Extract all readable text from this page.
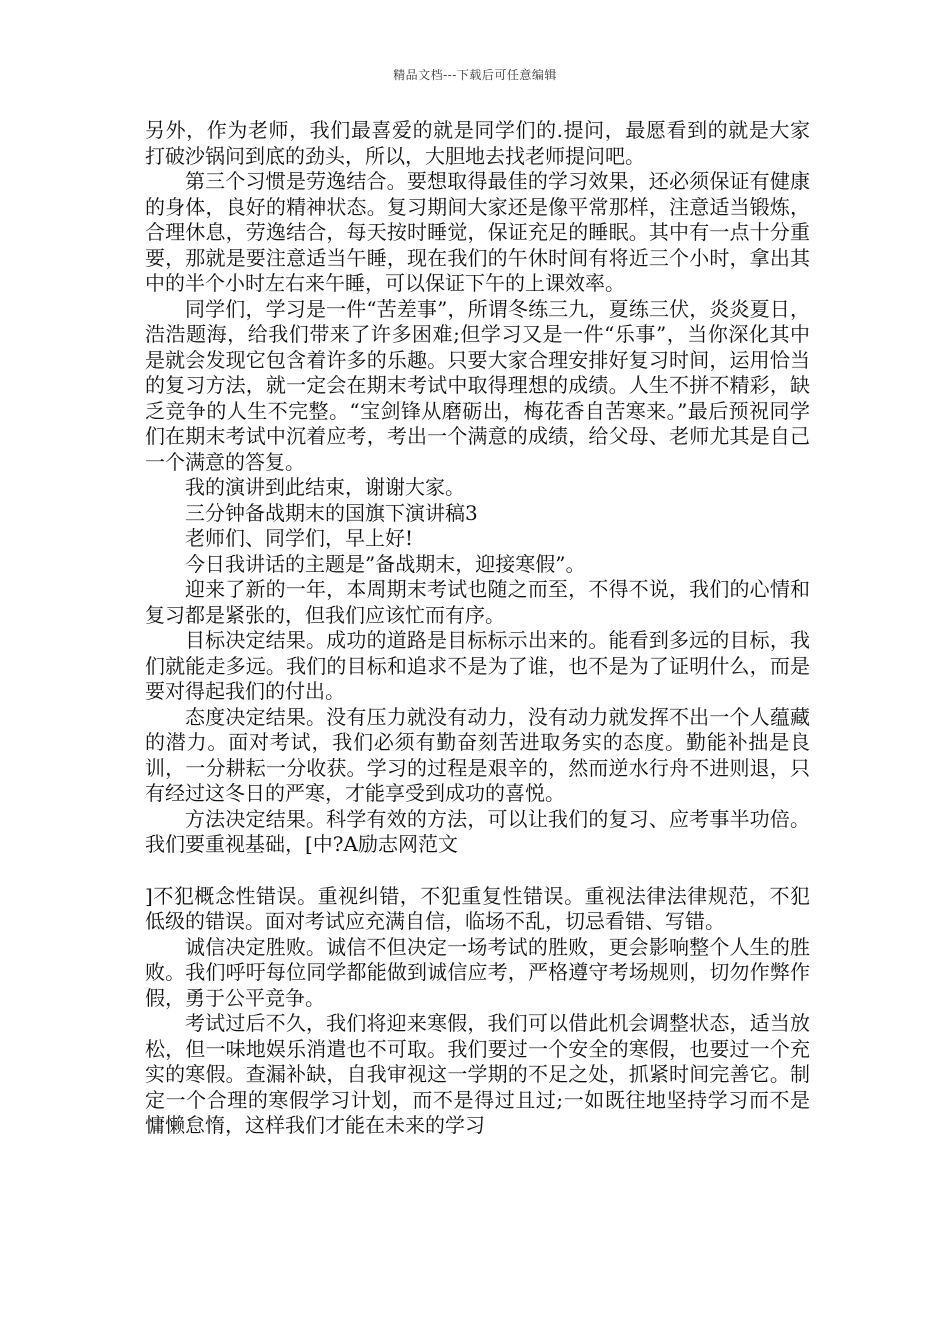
精品文档---下载后可任意编辑

另外，作为老师，我们最喜爱的就是同学们的.提问，最愿看到的就是大家打破沙锅问到底的劲头，所以，大胆地去找老师提问吧。

第三个习惯是劳逸结合。要想取得最佳的学习效果，还必须保证有健康的身体，良好的精神状态。复习期间大家还是像平常那样，注意适当锻炼，合理休息，劳逸结合，每天按时睡觉，保证充足的睡眠。其中有一点十分重要，那就是要注意适当午睡，现在我们的午休时间有将近三个小时，拿出其中的半个小时左右来午睡，可以保证下午的上课效率。

同学们，学习是一件“苦差事”，所谓冬练三九，夏练三伏，炎炎夏日，浩浩题海，给我们带来了许多困难;但学习又是一件“乐事”，当你深化其中是就会发现它包含着许多的乐趣。只要大家合理安排好复习时间，运用恰当的复习方法，就一定会在期末考试中取得理想的成绩。人生不拼不精彩，缺乏竞争的人生不完整。“宝剑锋从磨砺出，梅花香自苦寒来。”最后预祝同学们在期末考试中沉着应考，考出一个满意的成绩，给父母、老师尤其是自己一个满意的答复。

我的演讲到此结束，谢谢大家。

三分钟备战期末的国旗下演讲稿3

老师们、同学们，早上好!

今日我讲话的主题是”备战期末，迎接寒假”。

迎来了新的一年，本周期末考试也随之而至，不得不说，我们的心情和复习都是紧张的，但我们应该忙而有序。

目标决定结果。成功的道路是目标标示出来的。能看到多远的目标，我们就能走多远。我们的目标和追求不是为了谁，也不是为了证明什么，而是要对得起我们的付出。

态度决定结果。没有压力就没有动力，没有动力就发挥不出一个人蕴藏的潜力。面对考试，我们必须有勤奋刻苦进取务实的态度。勤能补拙是良训，一分耕耘一分收获。学习的过程是艰辛的，然而逆水行舟不进则退，只有经过这冬日的严寒，才能享受到成功的喜悦。

方法决定结果。科学有效的方法，可以让我们的复习、应考事半功倍。我们要重视基础，[中?A励志网范文

]不犯概念性错误。重视纠错，不犯重复性错误。重视法律法律规范，不犯低级的错误。面对考试应充满自信，临场不乱，切忌看错、写错。

诚信决定胜败。诚信不但决定一场考试的胜败，更会影响整个人生的胜败。我们呼吁每位同学都能做到诚信应考，严格遵守考场规则，切勿作弊作假，勇于公平竞争。

考试过后不久，我们将迎来寒假，我们可以借此机会调整状态，适当放松，但一味地娱乐消遣也不可取。我们要过一个安全的寒假，也要过一个充实的寒假。查漏补缺，自我审视这一学期的不足之处，抓紧时间完善它。制定一个合理的寒假学习计划，而不是得过且过;一如既往地坚持学习而不是慵懒怠惰，这样我们才能在未来的学习
